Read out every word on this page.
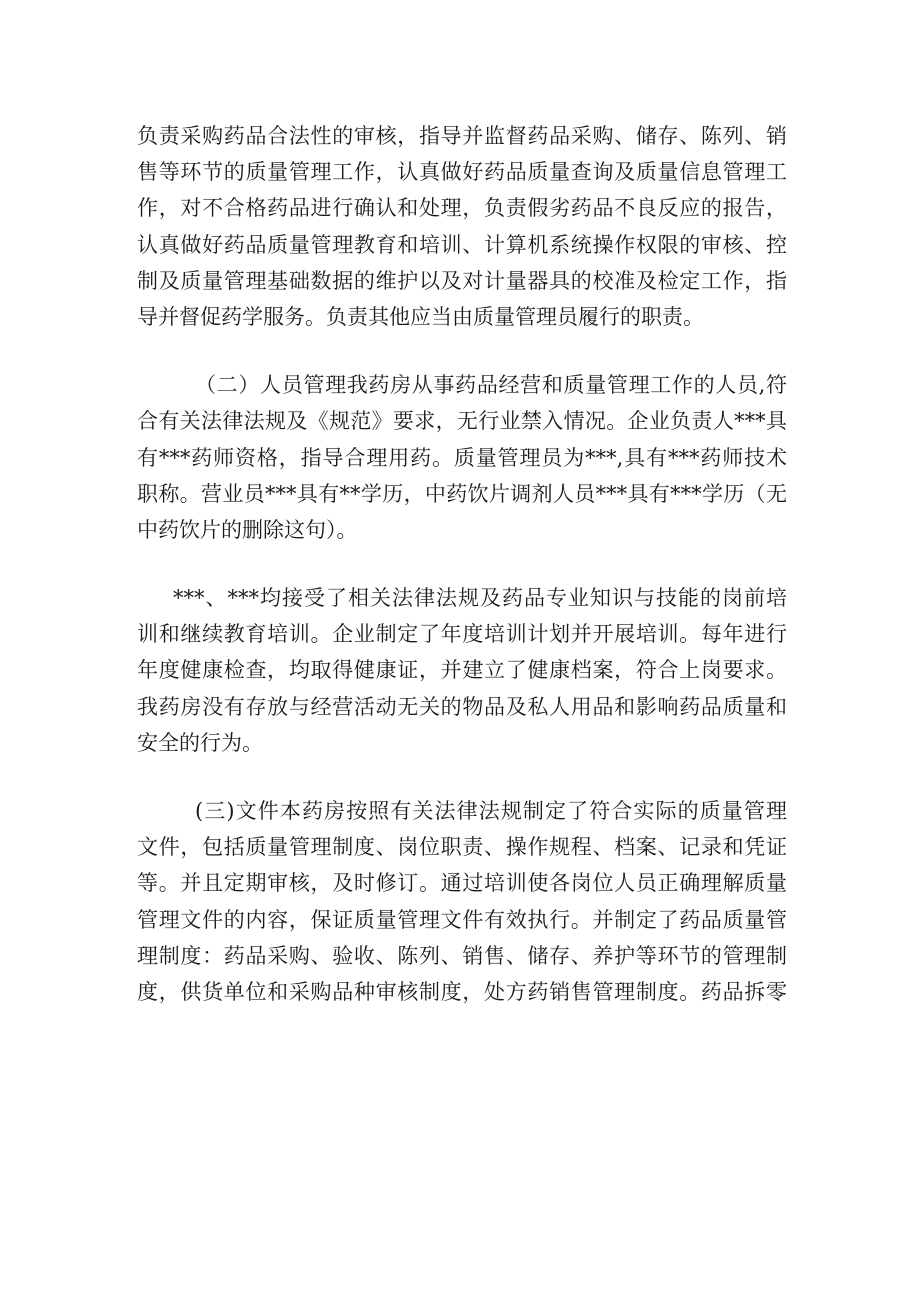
负责采购药品合法性的审核，指导并监督药品采购、储存、陈列、销
售等环节的质量管理工作，认真做好药品质量查询及质量信息管理工
作，对不合格药品进行确认和处理，负责假劣药品不良反应的报告，
认真做好药品质量管理教育和培训、计算机系统操作权限的审核、控
制及质量管理基础数据的维护以及对计量器具的校准及检定工作，指
导并督促药学服务。负责其他应当由质量管理员履行的职责。
（二）人员管理我药房从事药品经营和质量管理工作的人员,符
合有关法律法规及《规范》要求，无行业禁入情况。企业负责人***具
有***药师资格，指导合理用药。质量管理员为***,具有***药师技术
职称。营业员***具有**学历，中药饮片调剂人员***具有***学历（无
中药饮片的删除这句）。
***、***均接受了相关法律法规及药品专业知识与技能的岗前培
训和继续教育培训。企业制定了年度培训计划并开展培训。每年进行
年度健康检查，均取得健康证，并建立了健康档案，符合上岗要求。
我药房没有存放与经营活动无关的物品及私人用品和影响药品质量和
安全的行为。
(三)文件本药房按照有关法律法规制定了符合实际的质量管理
文件，包括质量管理制度、岗位职责、操作规程、档案、记录和凭证
等。并且定期审核，及时修订。通过培训使各岗位人员正确理解质量
管理文件的内容，保证质量管理文件有效执行。并制定了药品质量管
理制度：药品采购、验收、陈列、销售、储存、养护等环节的管理制
度，供货单位和采购品种审核制度，处方药销售管理制度。药品拆零
